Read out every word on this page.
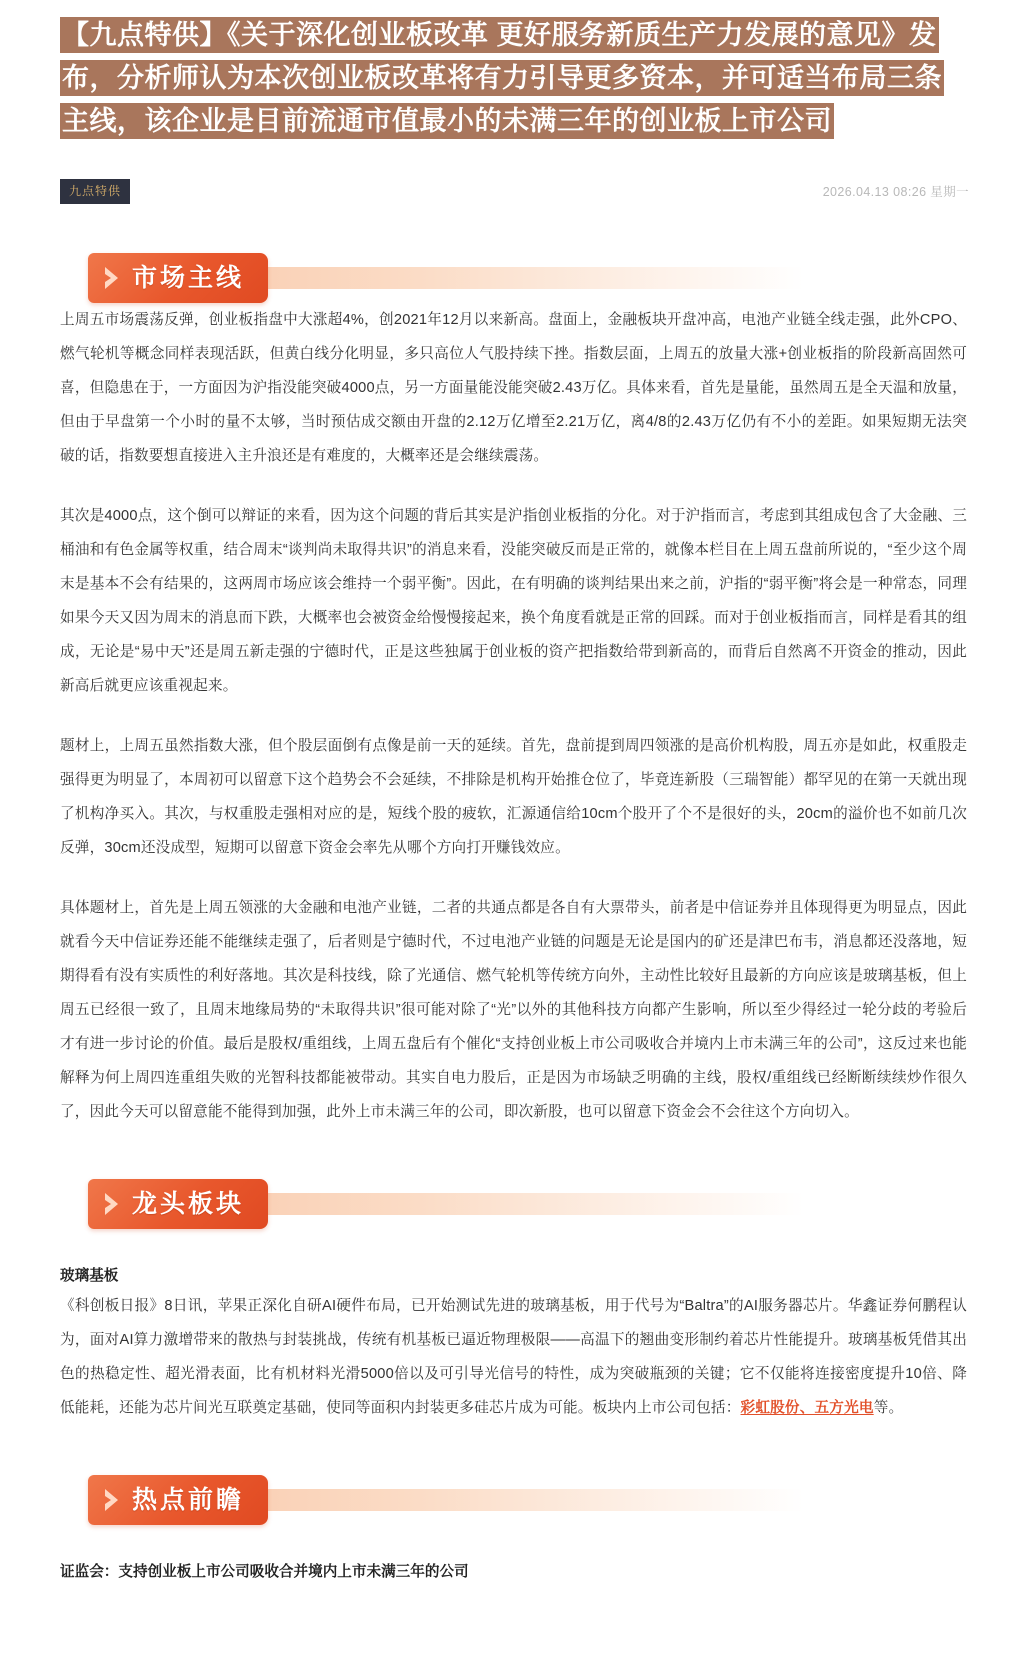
【九点特供】《关于深化创业板改革 更好服务新质生产力发展的意见》发布，分析师认为本次创业板改革将有力引导更多资本，并可适当布局三条主线，该企业是目前流通市值最小的未满三年的创业板上市公司
九点特供	2026.04.13 08:26 星期一
市场主线

上周五市场震荡反弹，创业板指盘中大涨超4%，创2021年12月以来新高。盘面上，金融板块开盘冲高，电池产业链全线走强，此外CPO、燃气轮机等概念同样表现活跃，但黄白线分化明显，多只高位人气股持续下挫。指数层面，上周五的放量大涨+创业板指的阶段新高固然可喜，但隐患在于，一方面因为沪指没能突破4000点，另一方面量能没能突破2.43万亿。具体来看，首先是量能，虽然周五是全天温和放量，但由于早盘第一个小时的量不太够，当时预估成交额由开盘的2.12万亿增至2.21万亿，离4/8的2.43万亿仍有不小的差距。如果短期无法突破的话，指数要想直接进入主升浪还是有难度的，大概率还是会继续震荡。

其次是4000点，这个倒可以辩证的来看，因为这个问题的背后其实是沪指创业板指的分化。对于沪指而言，考虑到其组成包含了大金融、三桶油和有色金属等权重，结合周末“谈判尚未取得共识”的消息来看，没能突破反而是正常的，就像本栏目在上周五盘前所说的，“至少这个周末是基本不会有结果的，这两周市场应该会维持一个弱平衡”。因此，在有明确的谈判结果出来之前，沪指的“弱平衡”将会是一种常态，同理如果今天又因为周末的消息而下跌，大概率也会被资金给慢慢接起来，换个角度看就是正常的回踩。而对于创业板指而言，同样是看其的组成，无论是“易中天”还是周五新走强的宁德时代，正是这些独属于创业板的资产把指数给带到新高的，而背后自然离不开资金的推动，因此新高后就更应该重视起来。

题材上，上周五虽然指数大涨，但个股层面倒有点像是前一天的延续。首先，盘前提到周四领涨的是高价机构股，周五亦是如此，权重股走强得更为明显了，本周初可以留意下这个趋势会不会延续，不排除是机构开始推仓位了，毕竟连新股（三瑞智能）都罕见的在第一天就出现了机构净买入。其次，与权重股走强相对应的是，短线个股的疲软，汇源通信给10cm个股开了个不是很好的头，20cm的溢价也不如前几次反弹，30cm还没成型，短期可以留意下资金会率先从哪个方向打开赚钱效应。

具体题材上，首先是上周五领涨的大金融和电池产业链，二者的共通点都是各自有大票带头，前者是中信证券并且体现得更为明显点，因此就看今天中信证券还能不能继续走强了，后者则是宁德时代，不过电池产业链的问题是无论是国内的矿还是津巴布韦，消息都还没落地，短期得看有没有实质性的利好落地。其次是科技线，除了光通信、燃气轮机等传统方向外，主动性比较好且最新的方向应该是玻璃基板，但上周五已经很一致了，且周末地缘局势的“未取得共识”很可能对除了“光”以外的其他科技方向都产生影响，所以至少得经过一轮分歧的考验后才有进一步讨论的价值。最后是股权/重组线，上周五盘后有个催化“支持创业板上市公司吸收合并境内上市未满三年的公司”，这反过来也能解释为何上周四连重组失败的光智科技都能被带动。其实自电力股后，正是因为市场缺乏明确的主线，股权/重组线已经断断续续炒作很久了，因此今天可以留意能不能得到加强，此外上市未满三年的公司，即次新股，也可以留意下资金会不会往这个方向切入。

龙头板块
玻璃基板

《科创板日报》8日讯，苹果正深化自研AI硬件布局，已开始测试先进的玻璃基板，用于代号为“Baltra”的AI服务器芯片。华鑫证券何鹏程认为，面对AI算力激增带来的散热与封装挑战，传统有机基板已逼近物理极限——高温下的翘曲变形制约着芯片性能提升。玻璃基板凭借其出色的热稳定性、超光滑表面，比有机材料光滑5000倍以及可引导光信号的特性，成为突破瓶颈的关键；它不仅能将连接密度提升10倍、降低能耗，还能为芯片间光互联奠定基础，使同等面积内封装更多硅芯片成为可能。板块内上市公司包括：彩虹股份、五方光电等。

热点前瞻
证监会：支持创业板上市公司吸收合并境内上市未满三年的公司
